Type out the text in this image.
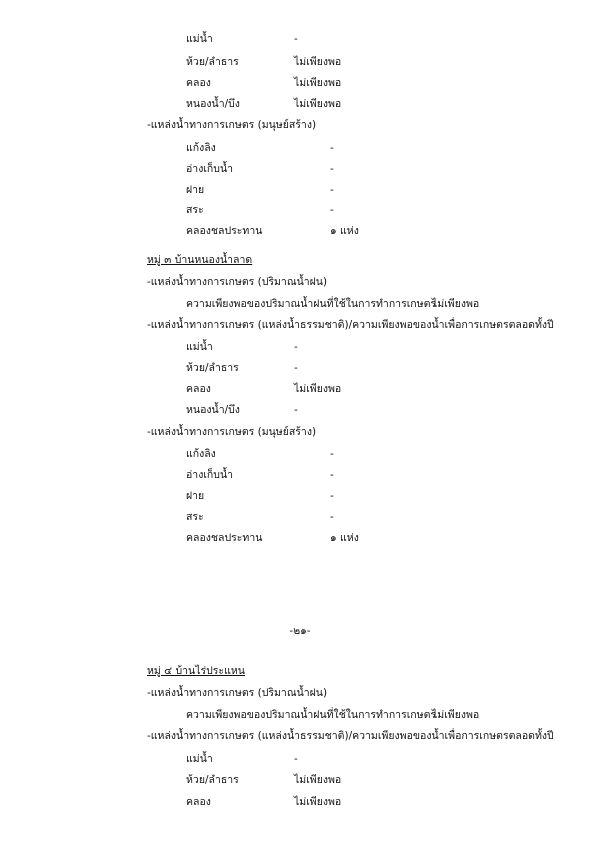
แม่น้ำ	-
ห้วย/ลำธาร	ไม่เพียงพอ
คลอง	ไม่เพียงพอ
หนองน้ำ/บึง	ไม่เพียงพอ
-แหล่งน้ำทางการเกษตร (มนุษย์สร้าง)
แก้งลิง	-
อ่างเก็บน้ำ	-
ฝาย	-
สระ	-
คลองชลประทาน	๑ แห่ง
หมู่ ๓ บ้านหนองน้ำลาด
-แหล่งน้ำทางการเกษตร (ปริมาณน้ำฝน)
ความเพียงพอของปริมาณน้ำฝนที่ใช้ในการทำการเกษตร
ไม่เพียงพอ
-แหล่งน้ำทางการเกษตร (แหล่งน้ำธรรมชาติ)/ความเพียงพอของน้ำเพื่อการเกษตรตลอดทั้งปี
แม่น้ำ	-
ห้วย/ลำธาร	-
คลอง	ไม่เพียงพอ
หนองน้ำ/บึง	-
-แหล่งน้ำทางการเกษตร (มนุษย์สร้าง)
แก้งลิง	-
อ่างเก็บน้ำ	-
ฝาย	-
สระ	-
คลองชลประทาน	๑ แห่ง
-๒๑-
หมู่ ๔ บ้านไร่ประแหน
-แหล่งน้ำทางการเกษตร (ปริมาณน้ำฝน)
ความเพียงพอของปริมาณน้ำฝนที่ใช้ในการทำการเกษตร
ไม่เพียงพอ
-แหล่งน้ำทางการเกษตร (แหล่งน้ำธรรมชาติ)/ความเพียงพอของน้ำเพื่อการเกษตรตลอดทั้งปี
แม่น้ำ	-
ห้วย/ลำธาร	ไม่เพียงพอ
คลอง	ไม่เพียงพอ
